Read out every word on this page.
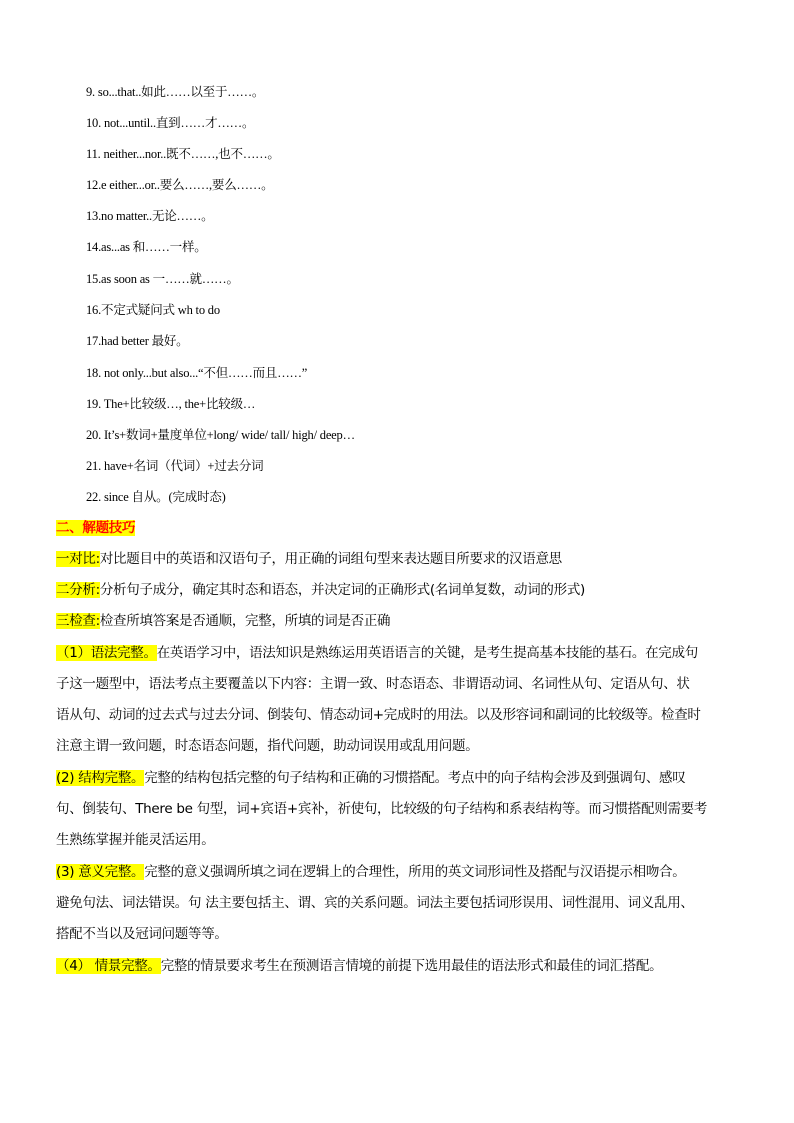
9. so...that..如此……以至于……。
10. not...until..直到……才……。
11. neither...nor..既不……,也不……。
12.e either...or..要么……,要么……。
13.no matter..无论……。
14.as...as 和……一样。
15.as soon as 一……就……。
16.不定式疑问式 wh to do
17.had better 最好。
18. not only...but also...“不但……而且……”
19. The+比较级…, the+比较级…
20. It’s+数词+量度单位+long/ wide/ tall/ high/ deep…
21. have+名词（代词）+过去分词
22. since 自从。(完成时态)
二、解题技巧
一对比:对比题目中的英语和汉语句子，用正确的词组句型来表达题目所要求的汉语意思
二分析:分析句子成分，确定其时态和语态，并决定词的正确形式(名词单复数，动词的形式)
三检查:检查所填答案是否通顺，完整，所填的词是否正确
（1）语法完整。在英语学习中，语法知识是熟练运用英语语言的关键，是考生提高基本技能的基石。在完成句
子这一题型中，语法考点主要覆盖以下内容：主谓一致、时态语态、非谓语动词、名词性从句、定语从句、状
语从句、动词的过去式与过去分词、倒装句、情态动词+完成时的用法。以及形容词和副词的比较级等。检查时
注意主谓一致问题，时态语态问题，指代问题，助动词误用或乱用问题。
(2) 结构完整。完整的结构包括完整的句子结构和正确的习惯搭配。考点中的向子结构会涉及到强调句、感叹
句、倒装句、There be 句型，词+宾语+宾补，祈使句，比较级的句子结构和系表结构等。而习惯搭配则需要考
生熟练掌握并能灵活运用。
(3) 意义完整。完整的意义强调所填之词在逻辑上的合理性，所用的英文词形词性及搭配与汉语提示相吻合。
避免句法、词法错误。句 法主要包括主、谓、宾的关系问题。词法主要包括词形误用、词性混用、词义乱用、
搭配不当以及冠词问题等等。
（4） 情景完整。完整的情景要求考生在预测语言情境的前提下选用最佳的语法形式和最佳的词汇搭配。
